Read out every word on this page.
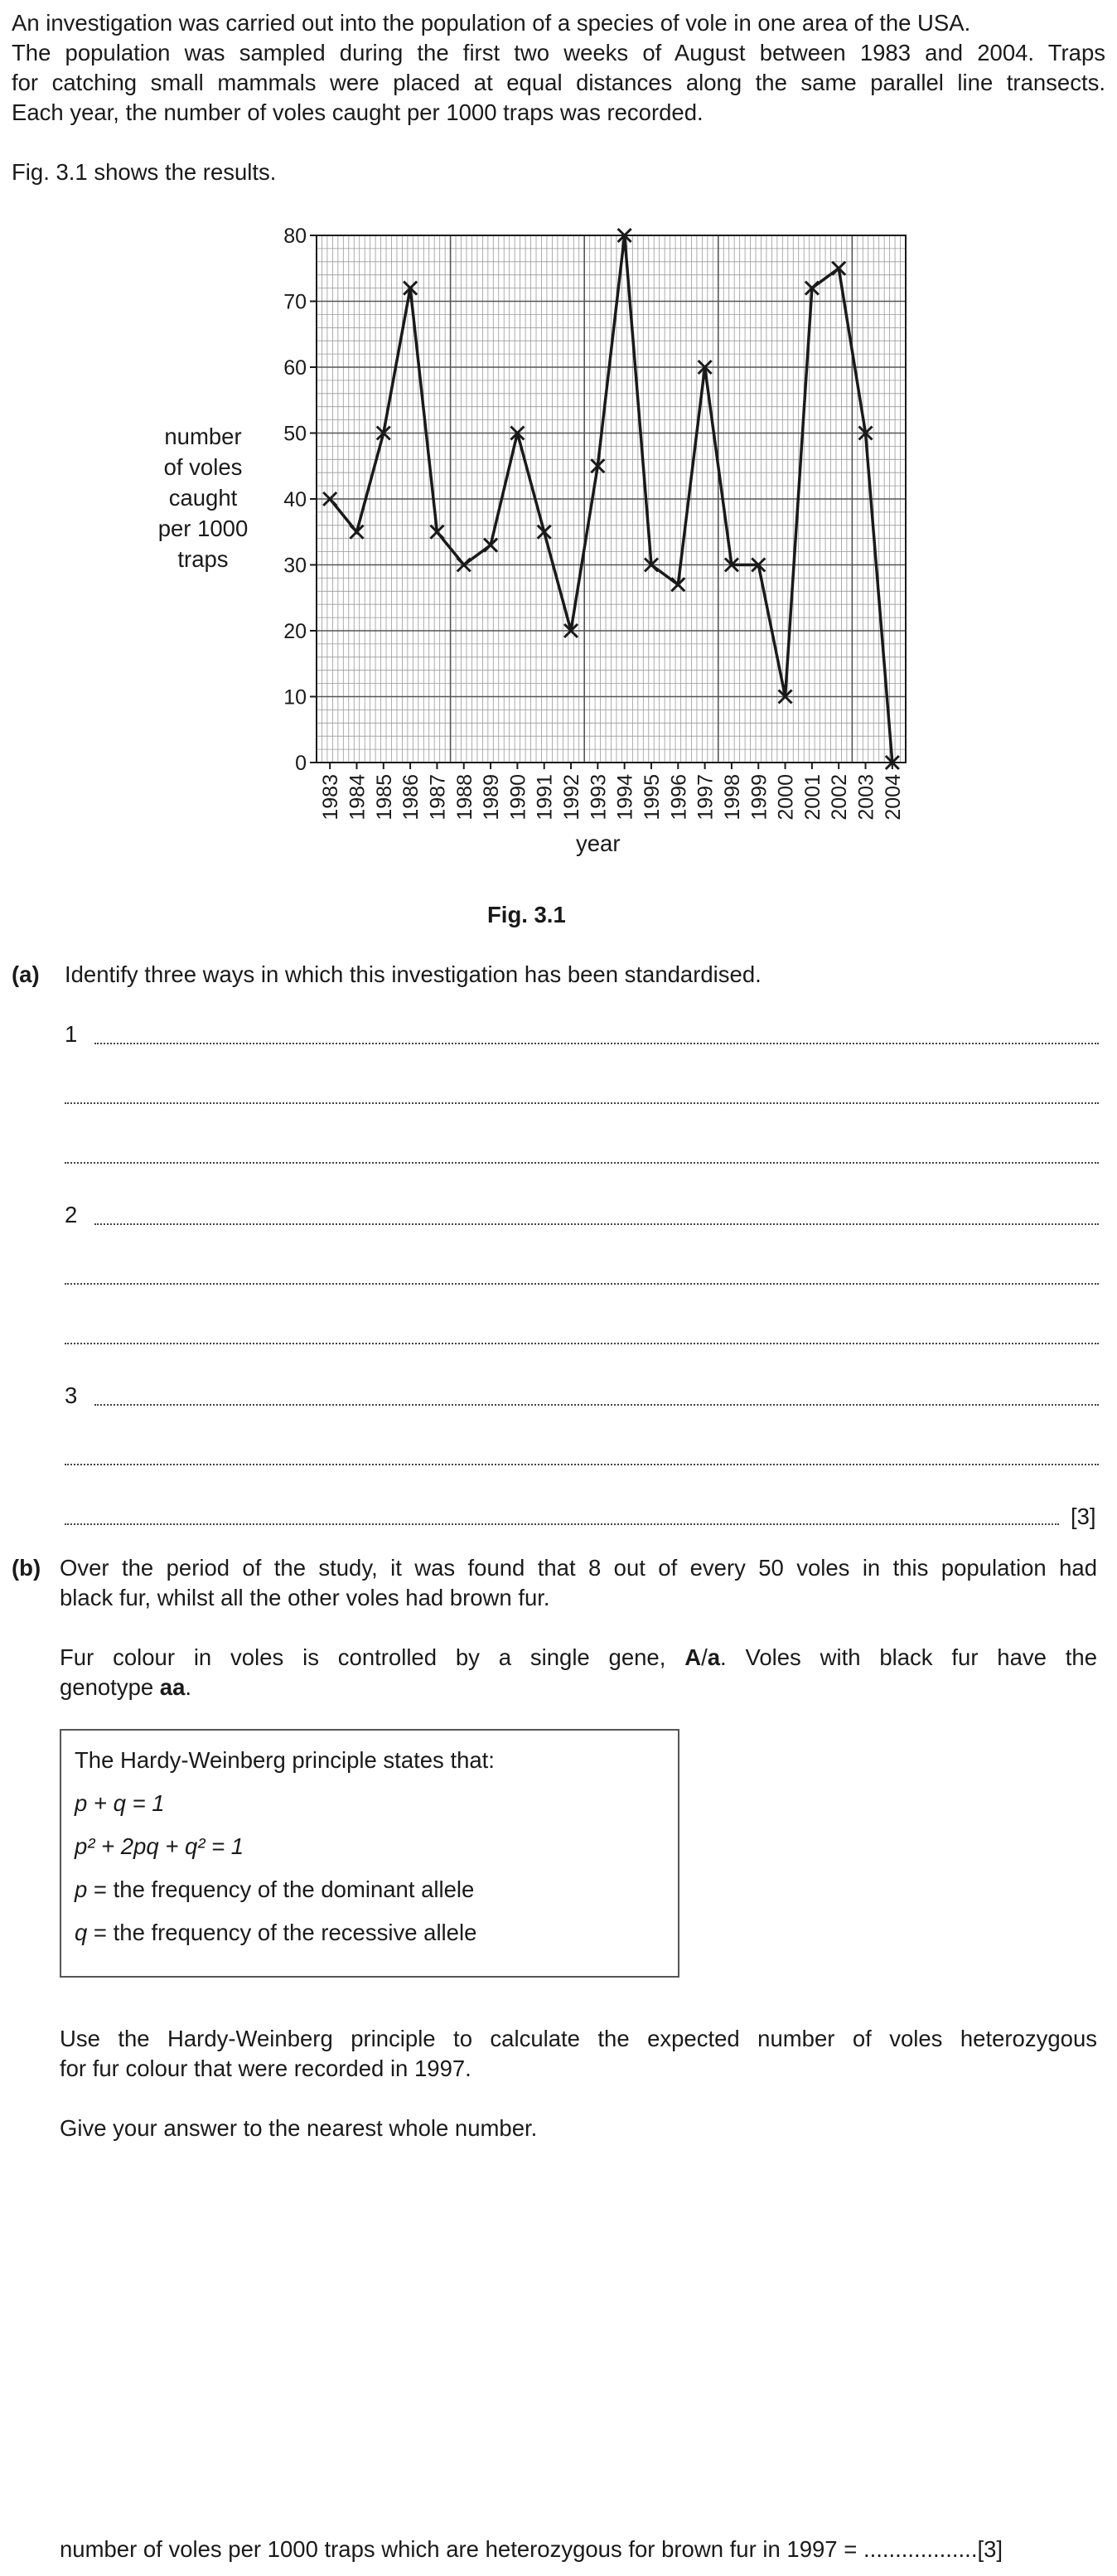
An investigation was carried out into the population of a species of vole in one area of the USA.
The population was sampled during the first two weeks of August between 1983 and 2004. Traps
for catching small mammals were placed at equal distances along the same parallel line transects.
Each year, the number of voles caught per 1000 traps was recorded.
Fig. 3.1 shows the results.
number
of voles
caught
per 1000
traps
0
10
20
30
40
50
60
70
80
1983 1984 1985 1986 1987 1988 1989 1990 1991 1992 1993 1994 1995 1996 1997 1998 1999 2000 2001 2002 2003 2004
year
Fig. 3.1
(a) Identify three ways in which this investigation has been standardised.
1
2
3
[3]
(b) Over the period of the study, it was found that 8 out of every 50 voles in this population had
black fur, whilst all the other voles had brown fur.
Fur colour in voles is controlled by a single gene, A/a. Voles with black fur have the
genotype aa.
The Hardy-Weinberg principle states that:
p + q = 1
p² + 2pq + q² = 1
p = the frequency of the dominant allele
q = the frequency of the recessive allele
Use the Hardy-Weinberg principle to calculate the expected number of voles heterozygous
for fur colour that were recorded in 1997.
Give your answer to the nearest whole number.
number of voles per 1000 traps which are heterozygous for brown fur in 1997 = ..................[3]
